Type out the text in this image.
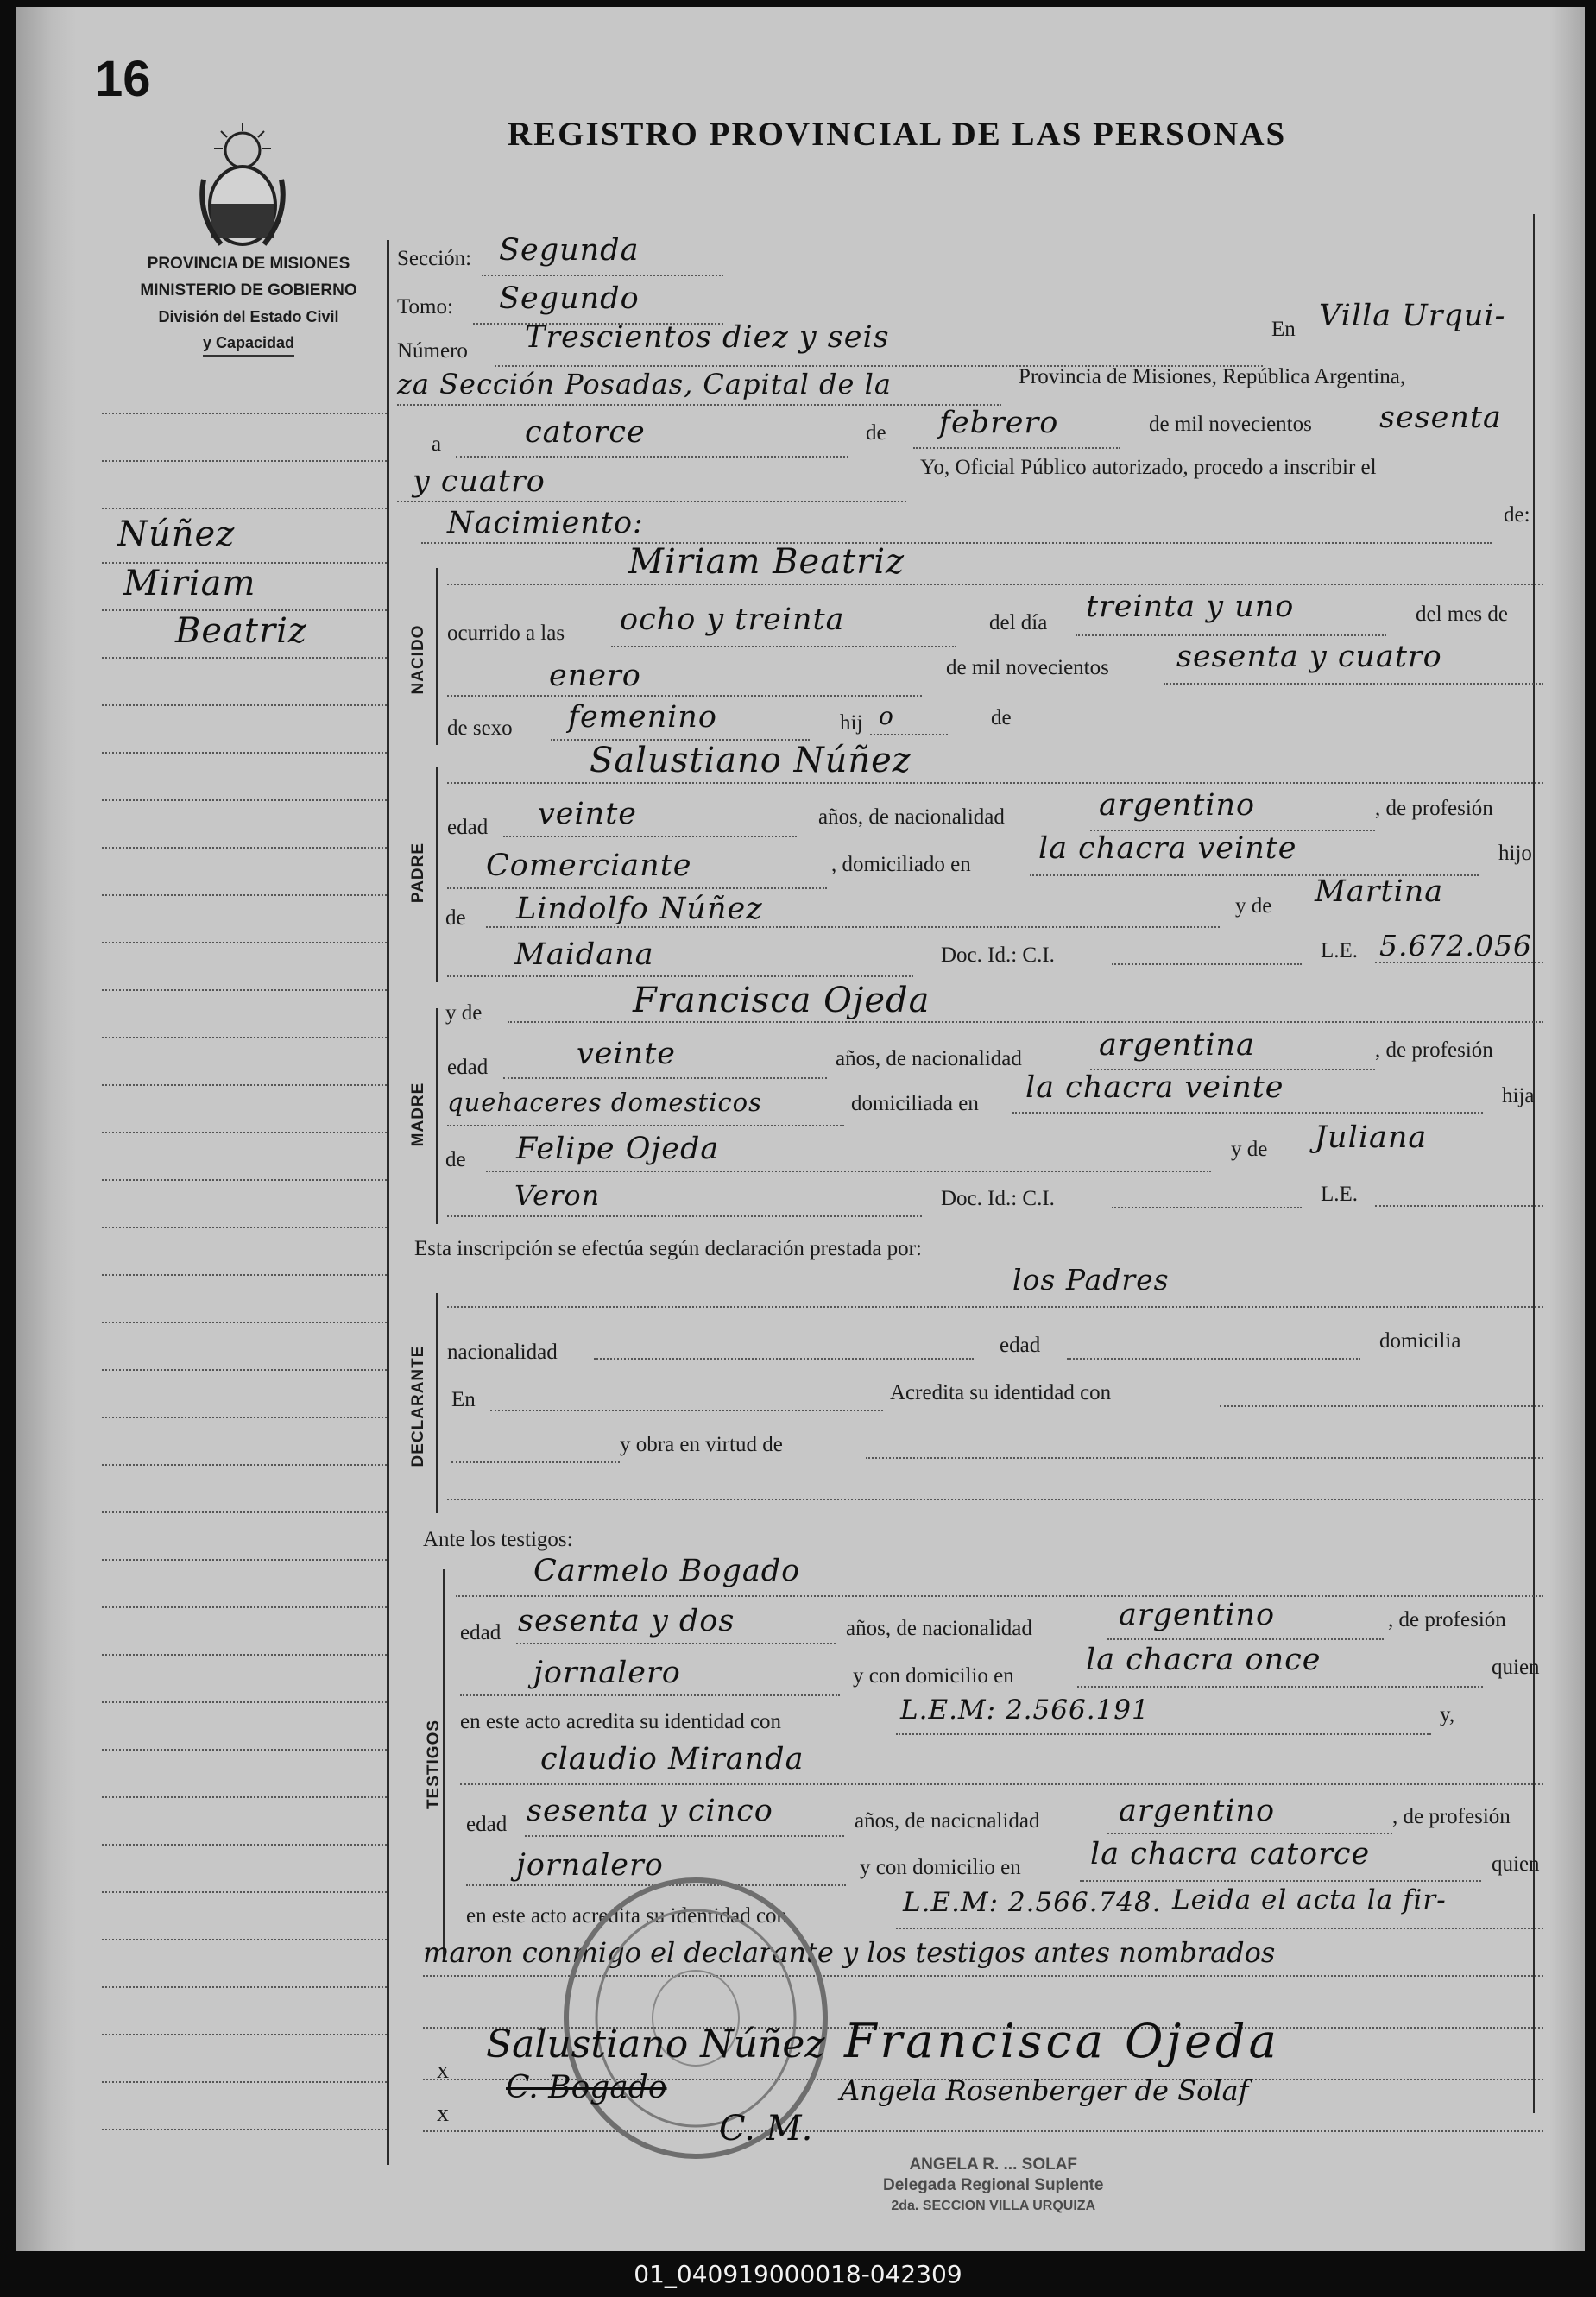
16
PROVINCIA DE MISIONES
MINISTERIO DE GOBIERNO
División del Estado Civil
y Capacidad
REGISTRO PROVINCIAL DE LAS PERSONAS
Núñez
Miriam
Beatriz
Sección: Segunda
Tomo: Segundo
Número Trescientos diez y seis	En Villa Urqui-
za Sección Posadas, Capital de la	Provincia de Misiones, República Argentina,
a	catorce	de febrero	de mil novecientos sesenta
y cuatro	Yo, Oficial Público autorizado, procedo a inscribir el
Nacimiento:	de:
NACIDO
Miriam Beatriz
ocurrido a las ocho y treinta	del día treinta y uno	del mes de
enero	de mil novecientos sesenta y cuatro
de sexo femenino	hij o	de
PADRE
Salustiano Núñez
edad veinte	años, de nacionalidad	argentino	, de profesión
Comerciante	, domiciliado en la chacra veinte	hijo
de Lindolfo Núñez	y de Martina
Maidana	Doc. Id.: C.I.	L.E. 5.672.056
MADRE
y de	Francisca Ojeda
edad	veinte	años, de nacionalidad	argentina	, de profesión
quehaceres domesticos	domiciliada en la chacra veinte	hija
de Felipe Ojeda	y de Juliana
Veron	Doc. Id.: C.I.	L.E.
Esta inscripción se efectúa según declaración prestada por:
los Padres
DECLARANTE nacionalidad	edad	domicilia
En	Acredita su identidad con
y obra en virtud de
Ante los testigos:
TESTIGOS
Carmelo Bogado
edad sesenta y dos	años, de nacionalidad	argentino	, de profesión
jornalero	y con domicilio en la chacra once	quien
en este acto acredita su identidad con	L.E.M: 2.566.191	y,
claudio Miranda
edad sesenta y cinco	años, de nacicnalidad	argentino	, de profesión
jornalero	y con domicilio en la chacra catorce	quien
en este acto acredita su identidad con	L.E.M: 2.566.748. Leida el acta la fir-
maron conmigo el declarante y los testigos antes nombrados
Salustiano Núñez Francisca Ojeda
C. Bogado	Angela Rosenberger de Solaf
C. M.
x
x
ANGELA R. ... SOLAF
Delegada Regional Suplente
2da. SECCION VILLA URQUIZA
01_040919000018-042309
